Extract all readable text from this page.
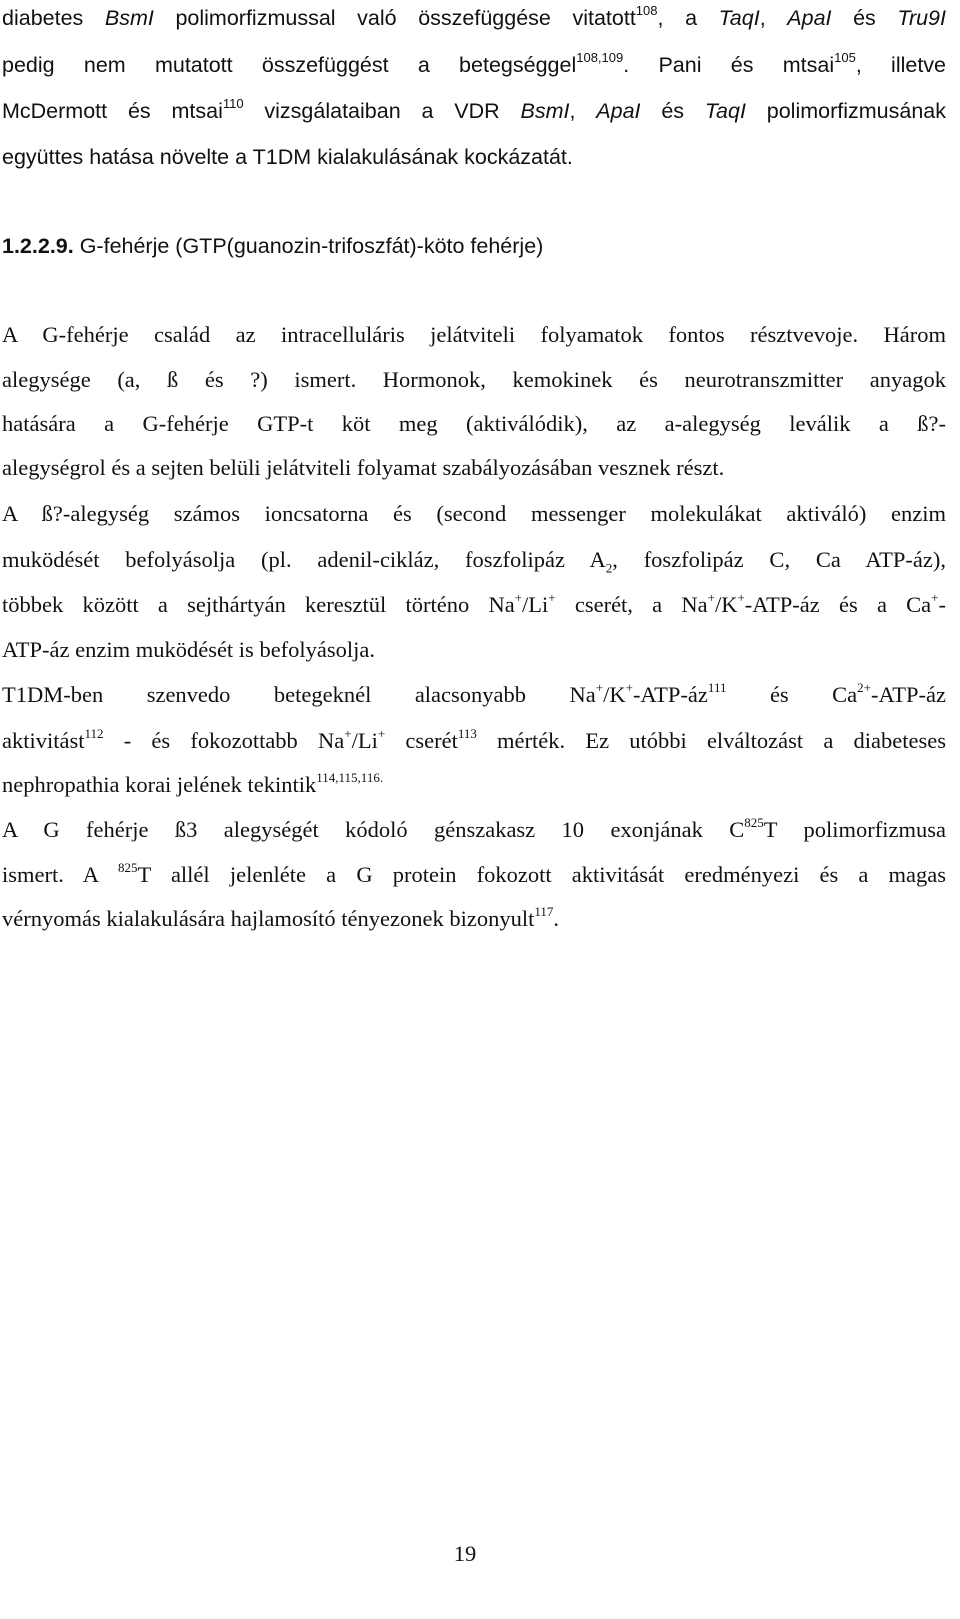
diabetes BsmI polimorfizmussal való összefüggése vitatott$^{108}$, a TaqI, ApaI és Tru9I
pedig nem mutatott összefüggést a betegséggel$^{108,109}$. Pani és mtsai$^{105}$, illetve
McDermott és mtsai$^{110}$ vizsgálataiban a VDR BsmI, ApaI és TaqI polimorfizmusának
együttes hatása növelte a T1DM kialakulásának kockázatát.
1.2.2.9. G-fehérje (GTP(guanozin-trifoszfát)-köto fehérje)
A G-fehérje család az intracelluláris jelátviteli folyamatok fontos résztvevoje. Három
alegysége (a, ß és ?) ismert. Hormonok, kemokinek és neurotranszmitter anyagok
hatására a G-fehérje GTP-t köt meg (aktiválódik), az a-alegység leválik a ß?-
alegységrol és a sejten belüli jelátviteli folyamat szabályozásában vesznek részt.
A ß?-alegység számos ioncsatorna és (second messenger molekulákat aktiváló) enzim
muködését befolyásolja (pl. adenil-cikláz, foszfolipáz $A_2$, foszfolipáz C, Ca ATP-áz),
többek között a sejthártyán keresztül történo Na+/Li+ cserét, a Na+/K+-ATP-áz és a Ca+-
ATP-áz enzim muködését is befolyásolja.
T1DM-ben szenvedo betegeknél alacsonyabb $Na^+/K^+-ATP-áz^{111}$ és $Ca^{2+}-ATP-áz$
aktivitást$^{112}$ - és fokozottabb Na+/Li+ cserét$^{113}$ mérték. Ez utóbbi elváltozást a diabeteses
nephropathia korai jelének tekintik$^{114,115,116.}$
A G fehérje ß3 alegységét kódoló génszakasz 10 exonjának $C^{825}T$ polimorfizmusa
ismert. A $^{825}$T allél jelenléte a G protein fokozott aktivitását eredményezi és a magas
vérnyomás kialakulására hajlamosító tényezonek bizonyult$^{117}$.
19
